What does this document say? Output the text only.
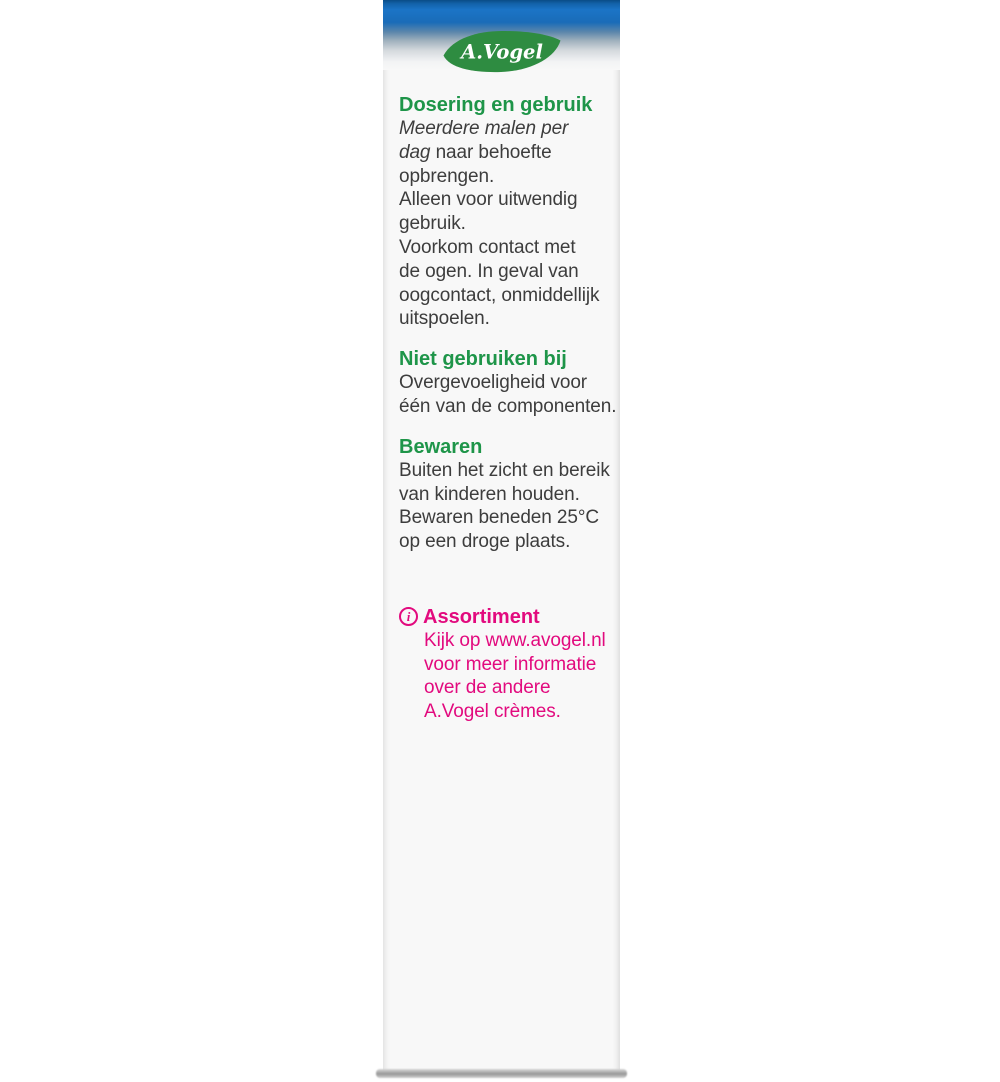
A.Vogel
Dosering en gebruik

Meerdere malen per

dag naar behoefte

opbrengen.

Alleen voor uitwendig

gebruik.

Voorkom contact met

de ogen. In geval van

oogcontact, onmiddellijk

uitspoelen.

Niet gebruiken bij

Overgevoeligheid voor

één van de componenten.

Bewaren

Buiten het zicht en bereik

van kinderen houden.

Bewaren beneden 25°C

op een droge plaats.

i Assortiment

Kijk op www.avogel.nl

voor meer informatie

over de andere

A.Vogel crèmes.
